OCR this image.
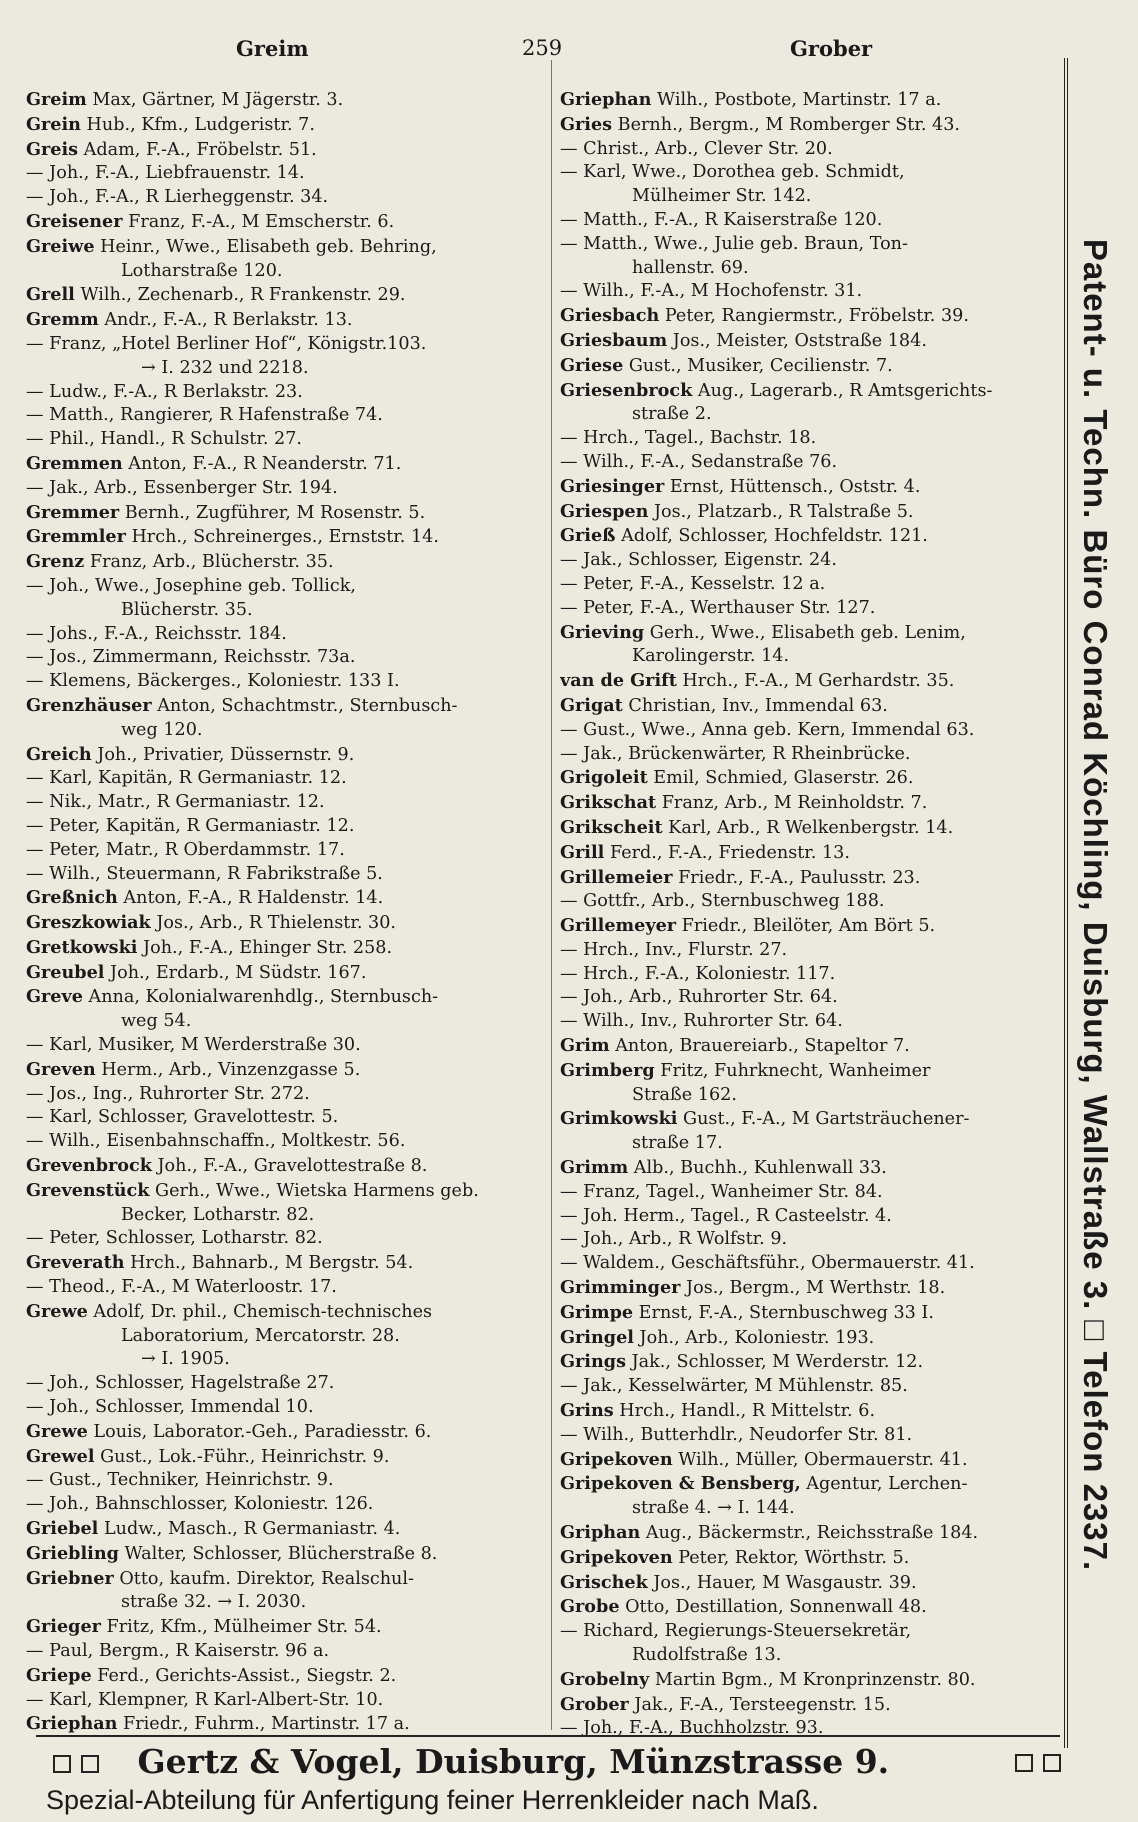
Greim	259	Grober
Greim Max, Gärtner, M Jägerstr. 3.
Grein Hub., Kfm., Ludgeristr. 7.
Greis Adam, F.-A., Fröbelstr. 51.
— Joh., F.-A., Liebfrauenstr. 14.
— Joh., F.-A., R Lierheggenstr. 34.
Greisener Franz, F.-A., M Emscherstr. 6.
Greiwe Heinr., Wwe., Elisabeth geb. Behring,
Lotharstraße 120.
Grell Wilh., Zechenarb., R Frankenstr. 29.
Gremm Andr., F.-A., R Berlakstr. 13.
— Franz, „Hotel Berliner Hof“, Königstr.103.
→ I. 232 und 2218.
— Ludw., F.-A., R Berlakstr. 23.
— Matth., Rangierer, R Hafenstraße 74.
— Phil., Handl., R Schulstr. 27.
Gremmen Anton, F.-A., R Neanderstr. 71.
— Jak., Arb., Essenberger Str. 194.
Gremmer Bernh., Zugführer, M Rosenstr. 5.
Gremmler Hrch., Schreinerges., Ernststr. 14.
Grenz Franz, Arb., Blücherstr. 35.
— Joh., Wwe., Josephine geb. Tollick,
Blücherstr. 35.
— Johs., F.-A., Reichsstr. 184.
— Jos., Zimmermann, Reichsstr. 73a.
— Klemens, Bäckerges., Koloniestr. 133 I.
Grenzhäuser Anton, Schachtmstr., Sternbusch-
weg 120.
Greich Joh., Privatier, Düssernstr. 9.
— Karl, Kapitän, R Germaniastr. 12.
— Nik., Matr., R Germaniastr. 12.
— Peter, Kapitän, R Germaniastr. 12.
— Peter, Matr., R Oberdammstr. 17.
— Wilh., Steuermann, R Fabrikstraße 5.
Greßnich Anton, F.-A., R Haldenstr. 14.
Greszkowiak Jos., Arb., R Thielenstr. 30.
Gretkowski Joh., F.-A., Ehinger Str. 258.
Greubel Joh., Erdarb., M Südstr. 167.
Greve Anna, Kolonialwarenhdlg., Sternbusch-
weg 54.
— Karl, Musiker, M Werderstraße 30.
Greven Herm., Arb., Vinzenzgasse 5.
— Jos., Ing., Ruhrorter Str. 272.
— Karl, Schlosser, Gravelottestr. 5.
— Wilh., Eisenbahnschaffn., Moltkestr. 56.
Grevenbrock Joh., F.-A., Gravelottestraße 8.
Grevenstück Gerh., Wwe., Wietska Harmens geb.
Becker, Lotharstr. 82.
— Peter, Schlosser, Lotharstr. 82.
Greverath Hrch., Bahnarb., M Bergstr. 54.
— Theod., F.-A., M Waterloostr. 17.
Grewe Adolf, Dr. phil., Chemisch-technisches
Laboratorium, Mercatorstr. 28.
→ I. 1905.
— Joh., Schlosser, Hagelstraße 27.
— Joh., Schlosser, Immendal 10.
Grewe Louis, Laborator.-Geh., Paradiesstr. 6.
Grewel Gust., Lok.-Führ., Heinrichstr. 9.
— Gust., Techniker, Heinrichstr. 9.
— Joh., Bahnschlosser, Koloniestr. 126.
Griebel Ludw., Masch., R Germaniastr. 4.
Griebling Walter, Schlosser, Blücherstraße 8.
Griebner Otto, kaufm. Direktor, Realschul-
straße 32. → I. 2030.
Grieger Fritz, Kfm., Mülheimer Str. 54.
— Paul, Bergm., R Kaiserstr. 96 a.
Griepe Ferd., Gerichts-Assist., Siegstr. 2.
— Karl, Klempner, R Karl-Albert-Str. 10.
Griephan Friedr., Fuhrm., Martinstr. 17 a.
Griephan Wilh., Postbote, Martinstr. 17 a.
Gries Bernh., Bergm., M Romberger Str. 43.
— Christ., Arb., Clever Str. 20.
— Karl, Wwe., Dorothea geb. Schmidt,
Mülheimer Str. 142.
— Matth., F.-A., R Kaiserstraße 120.
— Matth., Wwe., Julie geb. Braun, Ton-
hallenstr. 69.
— Wilh., F.-A., M Hochofenstr. 31.
Griesbach Peter, Rangiermstr., Fröbelstr. 39.
Griesbaum Jos., Meister, Oststraße 184.
Griese Gust., Musiker, Cecilienstr. 7.
Griesenbrock Aug., Lagerarb., R Amtsgerichts-
straße 2.
— Hrch., Tagel., Bachstr. 18.
— Wilh., F.-A., Sedanstraße 76.
Griesinger Ernst, Hüttensch., Oststr. 4.
Griespen Jos., Platzarb., R Talstraße 5.
Grieß Adolf, Schlosser, Hochfeldstr. 121.
— Jak., Schlosser, Eigenstr. 24.
— Peter, F.-A., Kesselstr. 12 a.
— Peter, F.-A., Werthauser Str. 127.
Grieving Gerh., Wwe., Elisabeth geb. Lenim,
Karolingerstr. 14.
van de Grift Hrch., F.-A., M Gerhardstr. 35.
Grigat Christian, Inv., Immendal 63.
— Gust., Wwe., Anna geb. Kern, Immendal 63.
— Jak., Brückenwärter, R Rheinbrücke.
Grigoleit Emil, Schmied, Glaserstr. 26.
Grikschat Franz, Arb., M Reinholdstr. 7.
Grikscheit Karl, Arb., R Welkenbergstr. 14.
Grill Ferd., F.-A., Friedenstr. 13.
Grillemeier Friedr., F.-A., Paulusstr. 23.
— Gottfr., Arb., Sternbuschweg 188.
Grillemeyer Friedr., Bleilöter, Am Bört 5.
— Hrch., Inv., Flurstr. 27.
— Hrch., F.-A., Koloniestr. 117.
— Joh., Arb., Ruhrorter Str. 64.
— Wilh., Inv., Ruhrorter Str. 64.
Grim Anton, Brauereiarb., Stapeltor 7.
Grimberg Fritz, Fuhrknecht, Wanheimer
Straße 162.
Grimkowski Gust., F.-A., M Gartsträuchener-
straße 17.
Grimm Alb., Buchh., Kuhlenwall 33.
— Franz, Tagel., Wanheimer Str. 84.
— Joh. Herm., Tagel., R Casteelstr. 4.
— Joh., Arb., R Wolfstr. 9.
— Waldem., Geschäftsführ., Obermauerstr. 41.
Grimminger Jos., Bergm., M Werthstr. 18.
Grimpe Ernst, F.-A., Sternbuschweg 33 I.
Gringel Joh., Arb., Koloniestr. 193.
Grings Jak., Schlosser, M Werderstr. 12.
— Jak., Kesselwärter, M Mühlenstr. 85.
Grins Hrch., Handl., R Mittelstr. 6.
— Wilh., Butterhdlr., Neudorfer Str. 81.
Gripekoven Wilh., Müller, Obermauerstr. 41.
Gripekoven & Bensberg, Agentur, Lerchen-
straße 4. → I. 144.
Griphan Aug., Bäckermstr., Reichsstraße 184.
Gripekoven Peter, Rektor, Wörthstr. 5.
Grischek Jos., Hauer, M Wasgaustr. 39.
Grobe Otto, Destillation, Sonnenwall 48.
— Richard, Regierungs-Steuersekretär,
Rudolfstraße 13.
Grobelny Martin Bgm., M Kronprinzenstr. 80.
Grober Jak., F.-A., Tersteegenstr. 15.
— Joh., F.-A., Buchholzstr. 93.
Patent- u. Techn. Büro Conrad Köchling, Duisburg, Wallstraße 3. □ Telefon 2337.
Gertz & Vogel, Duisburg, Münzstrasse 9.
Spezial-Abteilung für Anfertigung feiner Herrenkleider nach Maß.
